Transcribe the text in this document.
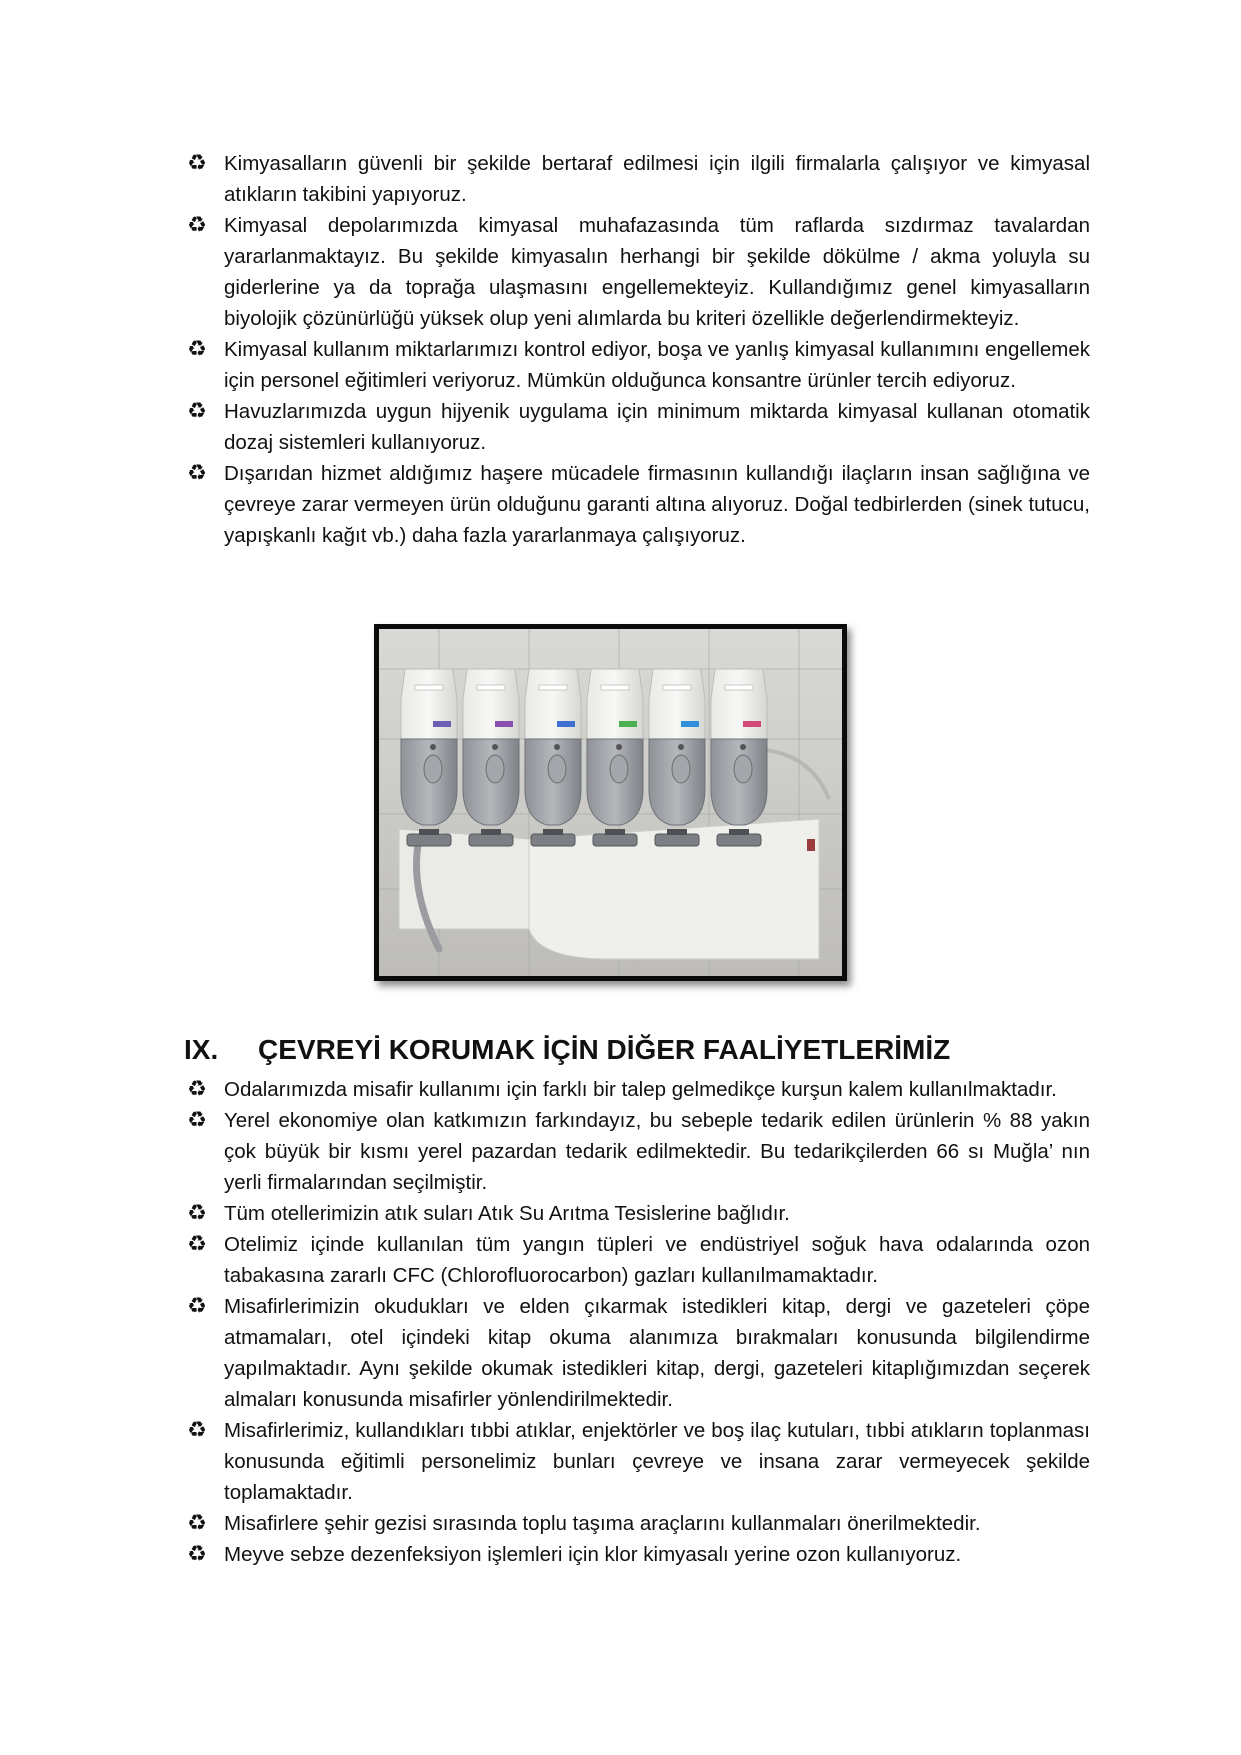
♻ Kimyasalların güvenli bir şekilde bertaraf edilmesi için ilgili firmalarla çalışıyor ve kimyasal atıkların takibini yapıyoruz.
♻ Kimyasal depolarımızda kimyasal muhafazasında tüm raflarda sızdırmaz tavalardan yararlanmaktayız. Bu şekilde kimyasalın herhangi bir şekilde dökülme / akma yoluyla su giderlerine ya da toprağa ulaşmasını engellemekteyiz. Kullandığımız genel kimyasalların biyolojik çözünürlüğü yüksek olup yeni alımlarda bu kriteri özellikle değerlendirmekteyiz.
♻ Kimyasal kullanım miktarlarımızı kontrol ediyor, boşa ve yanlış kimyasal kullanımını engellemek için personel eğitimleri veriyoruz. Mümkün olduğunca konsantre ürünler tercih ediyoruz.
♻ Havuzlarımızda uygun hijyenik uygulama için minimum miktarda kimyasal kullanan otomatik dozaj sistemleri kullanıyoruz.
♻ Dışarıdan hizmet aldığımız haşere mücadele firmasının kullandığı ilaçların insan sağlığına ve çevreye zarar vermeyen ürün olduğunu garanti altına alıyoruz. Doğal tedbirlerden (sinek tutucu, yapışkanlı kağıt vb.) daha fazla yararlanmaya çalışıyoruz.
IX. ÇEVREYİ KORUMAK İÇİN DİĞER FAALİYETLERİMİZ
♻ Odalarımızda misafir kullanımı için farklı bir talep gelmedikçe kurşun kalem kullanılmaktadır.
♻ Yerel ekonomiye olan katkımızın farkındayız, bu sebeple tedarik edilen ürünlerin % 88 yakın çok büyük bir kısmı yerel pazardan tedarik edilmektedir. Bu tedarikçilerden 66 sı Muğla’ nın yerli firmalarından seçilmiştir.
♻ Tüm otellerimizin atık suları Atık Su Arıtma Tesislerine bağlıdır.
♻ Otelimiz içinde kullanılan tüm yangın tüpleri ve endüstriyel soğuk hava odalarında ozon tabakasına zararlı CFC (Chlorofluorocarbon) gazları kullanılmamaktadır.
♻ Misafirlerimizin okudukları ve elden çıkarmak istedikleri kitap, dergi ve gazeteleri çöpe atmamaları, otel içindeki kitap okuma alanımıza bırakmaları konusunda bilgilendirme yapılmaktadır. Aynı şekilde okumak istedikleri kitap, dergi, gazeteleri kitaplığımızdan seçerek almaları konusunda misafirler yönlendirilmektedir.
♻ Misafirlerimiz, kullandıkları tıbbi atıklar, enjektörler ve boş ilaç kutuları, tıbbi atıkların toplanması konusunda eğitimli personelimiz bunları çevreye ve insana zarar vermeyecek şekilde toplamaktadır.
♻ Misafirlere şehir gezisi sırasında toplu taşıma araçlarını kullanmaları önerilmektedir.
♻ Meyve sebze dezenfeksiyon işlemleri için klor kimyasalı yerine ozon kullanıyoruz.
